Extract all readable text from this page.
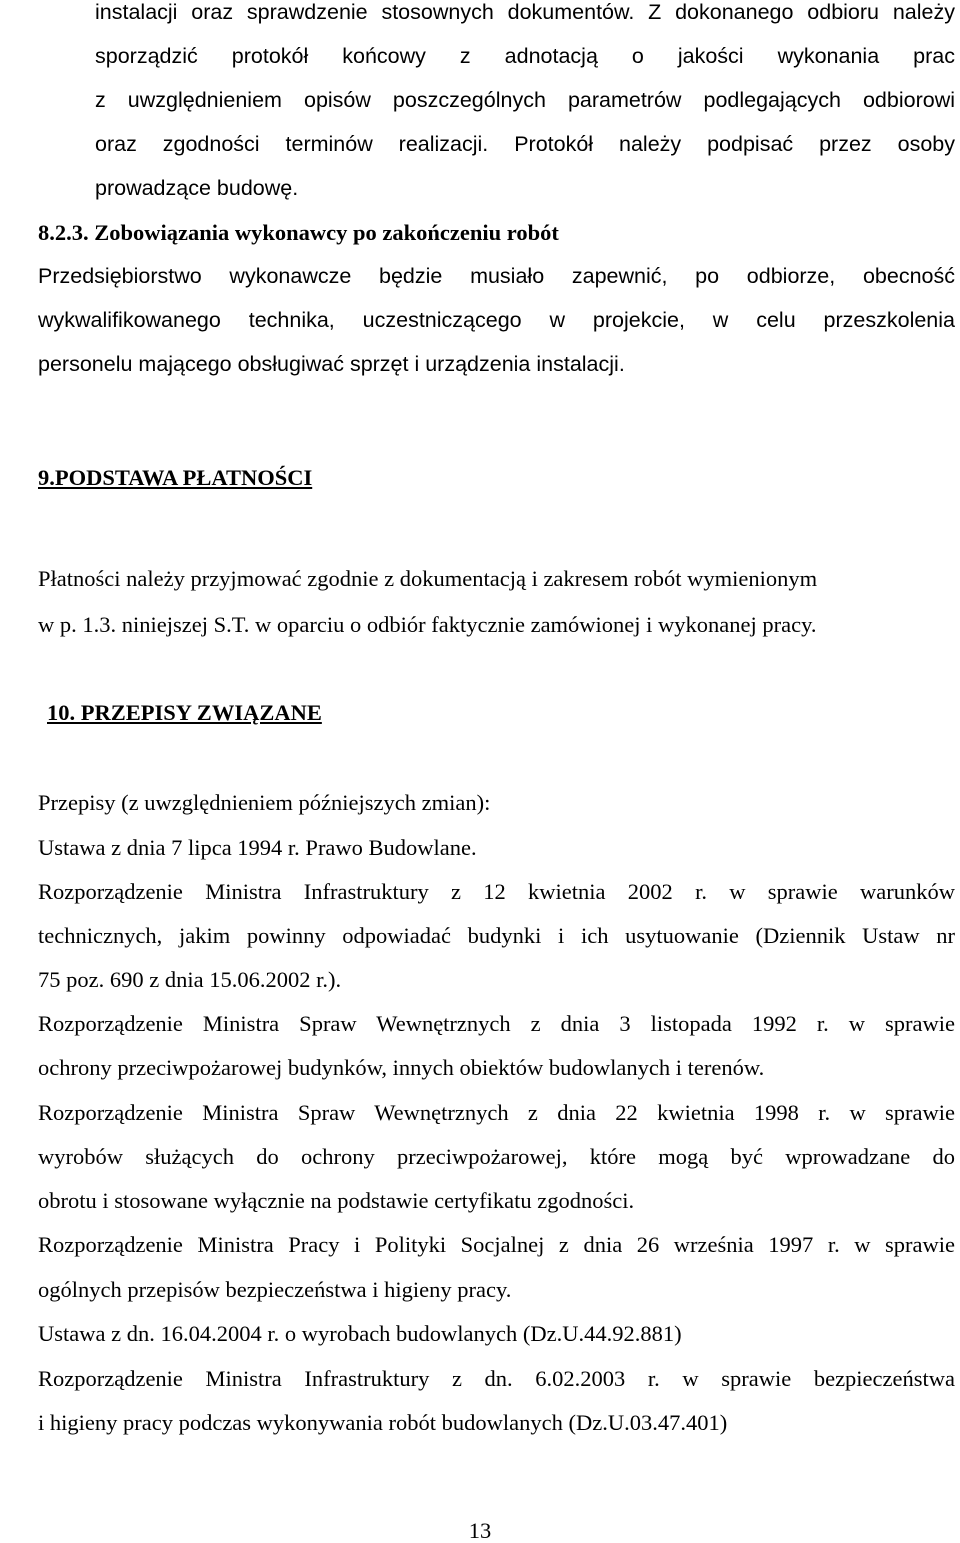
instalacji oraz sprawdzenie stosownych dokumentów. Z dokonanego odbioru należy

sporządzić protokół końcowy z adnotacją o jakości wykonania prac

z uwzględnieniem opisów poszczególnych parametrów podlegających odbiorowi

oraz zgodności terminów realizacji. Protokół należy podpisać przez osoby

prowadzące budowę.

8.2.3. Zobowiązania wykonawcy po zakończeniu robót

Przedsiębiorstwo wykonawcze będzie musiało zapewnić, po odbiorze, obecność

wykwalifikowanego technika, uczestniczącego w projekcie, w celu przeszkolenia

personelu mającego obsługiwać sprzęt i urządzenia instalacji.

9.PODSTAWA PŁATNOŚCI

Płatności należy przyjmować zgodnie z dokumentacją i zakresem robót wymienionym

w p. 1.3. niniejszej S.T. w oparciu o odbiór faktycznie zamówionej i wykonanej pracy.

10. PRZEPISY ZWIĄZANE

Przepisy (z uwzględnieniem późniejszych zmian):

Ustawa z dnia 7 lipca 1994 r. Prawo Budowlane.

Rozporządzenie Ministra Infrastruktury z 12 kwietnia 2002 r. w sprawie warunków

technicznych, jakim powinny odpowiadać budynki i ich usytuowanie (Dziennik Ustaw nr

75 poz. 690 z dnia 15.06.2002 r.).

Rozporządzenie Ministra Spraw Wewnętrznych z dnia 3 listopada 1992 r. w sprawie

ochrony przeciwpożarowej budynków, innych obiektów budowlanych i terenów.

Rozporządzenie Ministra Spraw Wewnętrznych z dnia 22 kwietnia 1998 r. w sprawie

wyrobów służących do ochrony przeciwpożarowej, które mogą być wprowadzane do

obrotu i stosowane wyłącznie na podstawie certyfikatu zgodności.

Rozporządzenie Ministra Pracy i Polityki Socjalnej z dnia 26 września 1997 r. w sprawie

ogólnych przepisów bezpieczeństwa i higieny pracy.

Ustawa z dn. 16.04.2004 r. o wyrobach budowlanych (Dz.U.44.92.881)

Rozporządzenie Ministra Infrastruktury z dn. 6.02.2003 r. w sprawie bezpieczeństwa

i higieny pracy podczas wykonywania robót budowlanych (Dz.U.03.47.401)

13
